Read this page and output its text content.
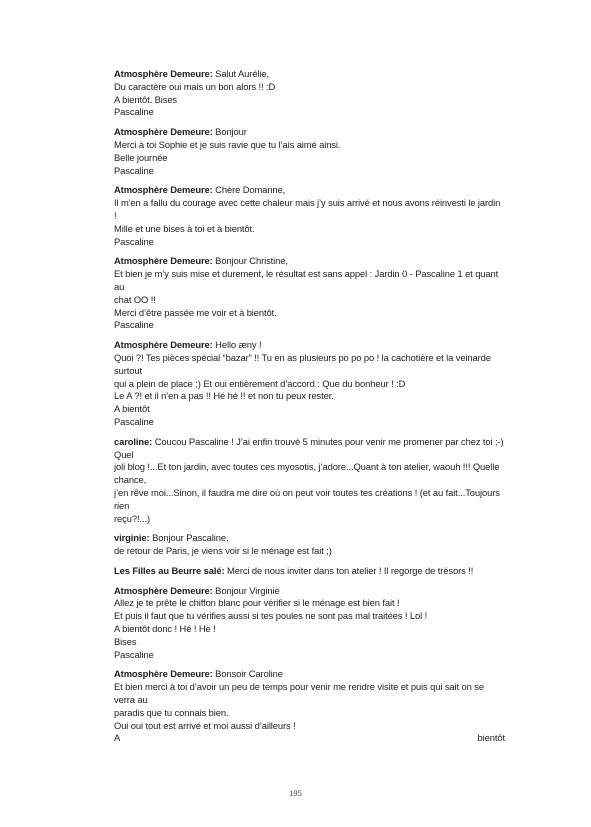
Atmosphère Demeure: Salut Aurélie,
Du caractère oui mais un bon alors !! :D
A bientôt. Bises
Pascaline
Atmosphère Demeure: Bonjour
Merci à toi Sophie et je suis ravie que tu l’ais aimé ainsi.
Belle journée
Pascaline
Atmosphère Demeure: Chère Domanne,
Il m'en a fallu du courage avec cette chaleur mais j’y suis arrivé et nous avons réinvesti le jardin !
Mille et une bises à toi et à bientôt.
Pascaline
Atmosphère Demeure: Bonjour Christine,
Et bien je m’y suis mise et durement, le résultat est sans appel : Jardin 0 - Pascaline 1 et quant au
chat OO !!
Merci d’être passée me voir et à bientôt.
Pascaline
Atmosphère Demeure: Hello æny !
Quoi ?! Tes pièces spécial “bazar” !! Tu en as plusieurs po po po ! la cachotière et la veinarde surtout
qui a plein de place ;) Et oui entièrement d’accord : Que du bonheur ! :D
Le A ?! et il n’en a pas !! Hé hé !! et non tu peux rester.
A bientôt
Pascaline
caroline: Coucou Pascaline ! J’ai enfin trouvé 5 minutes pour venir me promener par chez toi ;-) Quel
joli blog !...Et ton jardin, avec toutes ces myosotis, j’adore...Quant à ton atelier, waouh !!! Quelle chance,
j’en rêve moi...Sinon, il faudra me dire où on peut voir toutes tes créations ! (et au fait...Toujours rien
reçu?!...)
virginie: Bonjour Pascaline,
de retour de Paris, je viens voir si le ménage est fait ;)
Les Filles au Beurre salé: Merci de nous inviter dans ton atelier ! Il regorge de trésors !!
Atmosphère Demeure: Bonjour Virginie
Allez je te prête le chiffon blanc pour vérifier si le ménage est bien fait !
Et puis il faut que tu vérifies aussi si tes poules ne sont pas mal traitées ! Lol !
A bientôt donc ! Hé ! He !
Bises
Pascaline
Atmosphère Demeure: Bonsoir Caroline
Et bien merci à toi d’avoir un peu de temps pour venir me rendre visite et puis qui sait on se verra au
paradis que tu connais bien.
Oui oui tout est arrivé et moi aussi d’ailleurs !
A	bientôt
195
